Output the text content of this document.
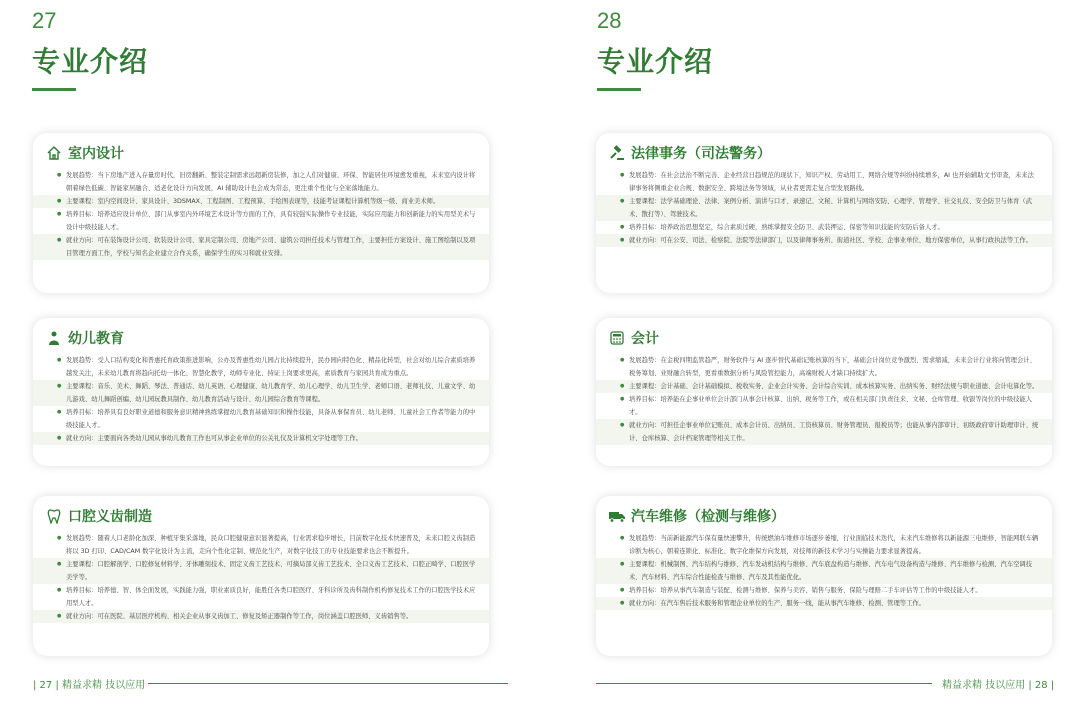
27
专业介绍
室内设计
● 发展趋势：当下房地产进入存量房时代，旧房翻新、整装定制需求远超新房装修，加之人们对健康、环保、智能居住环境愈发重视，未来室内设计将朝着绿色低碳、智能家居融合、适老化设计方向发展，AI 辅助设计也会成为常态，更注重个性化与全案落地能力。
● 主要课程：室内空间设计、家具设计、3DSMAX、工程制图、工程预算、手绘图表现等，技能考证课程计算机等级一级、商业美术师。
● 培养目标：培养适应设计单位、部门从事室内外环境艺术设计等方面的工作，具有较强实际操作专业技能，实际应用能力和创新能力的实用型美术与设计中级技能人才。
● 就业方向：可在装饰设计公司、软装设计公司、家具定制公司、房地产公司、建筑公司担任技术与管理工作，主要担任方案设计、施工图绘制以及项目管理方面工作，学校与知名企业建立合作关系，确保学生的实习和就业安排。
幼儿教育
● 发展趋势：受人口结构变化和普惠托育政策推进影响，公办及普惠性幼儿园占比持续提升，民办园向特色化、精品化转型，社会对幼儿综合素质培养越发关注，未来幼儿教育将趋向托幼一体化、智慧化教学，幼师专业化、持证上岗要求更高，素质教育与家园共育成为重点。
● 主要课程：音乐、美术、舞蹈、琴法、普通话、幼儿英语、心理健康、幼儿教育学、幼儿心理学、幼儿卫生学、老师口语、老师礼仪、儿童文学、幼儿游戏、幼儿舞蹈创编、幼儿园玩教具制作、幼儿教育活动与设计、幼儿园综合教育等课程。
● 培养目标：培养具有良好职业道德和服务意识精神熟练掌握幼儿教育基础知识和操作技能，具备从事保育员、幼儿老师、儿童社会工作者等能力的中级技能人才。
● 就业方向：主要面向各类幼儿园从事幼儿教育工作也可从事企业单位的公关礼仪及计算机文字处理等工作。
口腔义齿制造
● 发展趋势：随着人口老龄化加深、种植牙集采落地，民众口腔健康意识显著提高，行业需求稳步增长，目前数字化技术快速普及，未来口腔义齿制造将以 3D 打印、CAD/CAM 数字化设计为主流，走向个性化定制、规范化生产，对数字化技工的专业技能要求也会不断提升。
● 主要课程：口腔解剖学、口腔修复材料学、牙体雕刻技术、固定义齿工艺技术、可摘局部义齿工艺技术、全口义齿工艺技术、口腔正畸学、口腔医学美学等。
● 培养目标：培养德、智、体全面发展，实践能力强，职业素质良好，能胜任各类口腔医疗、牙科诊所及齿科制作机构修复技术工作的口腔医学技术应用型人才。
● 就业方向：可在医院、基层医疗机构、相关企业从事义齿加工、修复及矫正器制作等工作，岗位涵盖口腔医师、义齿销售等。
| 27 | 精益求精 技以应用
28
专业介绍
法律事务（司法警务）
● 发展趋势：在社会法治不断完善、企业经营日趋规范的现状下，知识产权、劳动用工、网络合规等纠纷持续增多，AI 也开始辅助文书审查，未来法律事务将侧重企业合规、数据安全、跨境法务等领域，从业者更需走复合型发展路线。
● 主要课程：法学基础理论、法律、案例分析、演讲与口才、录速记、文秘、计算机与网络安防、心理学、管理学、社交礼仪、安全防卫与体育（武术、散打等）、驾驶技术。
● 培养目标：培养政治思想坚定，综合素质过硬，熟练掌握安全防卫、武装押运、保密等知识技能的安防后备人才。
● 就业方向：可在公安、司法、检察院、法院等法律部门，以及律师事务所、街道社区、学校、企事业单位、地方保密单位，从事行政执法等工作。
会计
● 发展趋势：在金税四期监管趋严，财务软件与 AI 逐步替代基础记账核算的当下，基础会计岗位竞争激烈、需求缩减，未来会计行业将向管理会计、税务筹划、业财融合转型，更看重数据分析与风险管控能力，高端财税人才缺口持续扩大。
● 主要课程：会计基础、会计基础模拟、税收实务、企业会计实务、会计综合实训、成本核算实务、出纳实务、财经法规与职业道德、会计电算化等。
● 培养目标：培养能在企事业单位会计部门从事会计核算、出纳、税务等工作，或在相关部门负责往来、文秘、仓库管理、收银等岗位的中级技能人才。
● 就业方向：可担任企事业单位记账员、成本会计员、出纳员、工资核算员、财务管理员、报税员等；也能从事内部审计、初级政府审计助理审计、统计、仓库核算、会计档案管理等相关工作。
汽车维修（检测与维修）
● 发展趋势：当前新能源汽车保有量快速攀升，传统燃油车维修市场逐步萎缩，行业面临技术迭代，未来汽车维修将以新能源三电维修、智能网联车辆诊断为核心，朝着连锁化、标准化、数字化维保方向发展，对技师的新技术学习与实操能力要求显著提高。
● 主要课程：机械制图、汽车结构与维修、汽车发动机结构与维修、汽车底盘构造与维修、汽车电气设备构造与维修、汽车维修与检测、汽车空调技术、汽车材料、汽车综合性能检查与维修、汽车及其性能优化。
● 培养目标：培养从事汽车制造与装配、检测与维修、保养与美容、销售与服务、保险与理赔二手车评估等工作的中级技能人才。
● 就业方向：在汽车售后技术服务和管理企业单位的生产、服务一线，能从事汽车维修、检测、管理等工作。
精益求精 技以应用 | 28 |
